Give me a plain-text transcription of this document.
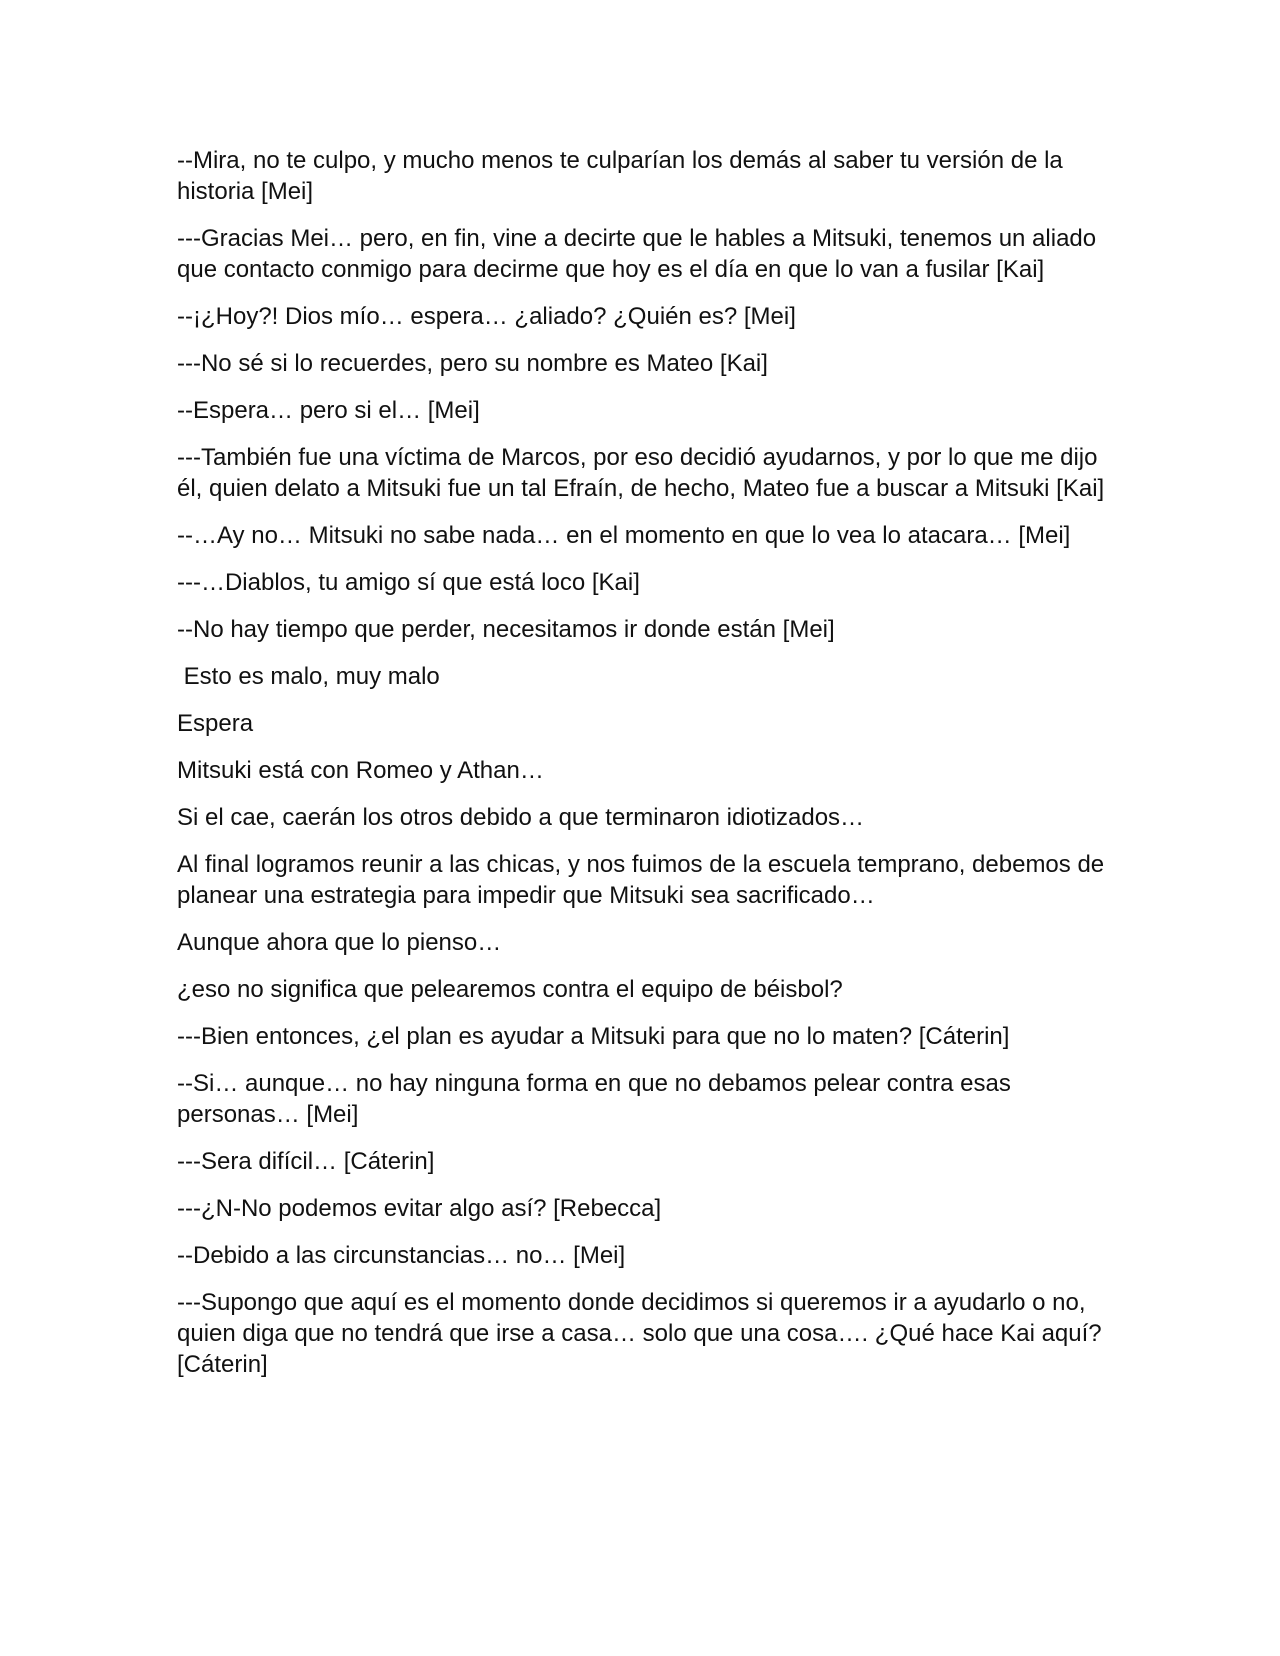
--Mira, no te culpo, y mucho menos te culparían los demás al saber tu versión de la historia [Mei]

---Gracias Mei… pero, en fin, vine a decirte que le hables a Mitsuki, tenemos un aliado que contacto conmigo para decirme que hoy es el día en que lo van a fusilar [Kai]

--¡¿Hoy?! Dios mío… espera… ¿aliado? ¿Quién es? [Mei]

---No sé si lo recuerdes, pero su nombre es Mateo [Kai]

--Espera… pero si el… [Mei]

---También fue una víctima de Marcos, por eso decidió ayudarnos, y por lo que me dijo él, quien delato a Mitsuki fue un tal Efraín, de hecho, Mateo fue a buscar a Mitsuki [Kai]

--…Ay no… Mitsuki no sabe nada… en el momento en que lo vea lo atacara… [Mei]

---…Diablos, tu amigo sí que está loco [Kai]

--No hay tiempo que perder, necesitamos ir donde están [Mei]

Esto es malo, muy malo

Espera

Mitsuki está con Romeo y Athan…

Si el cae, caerán los otros debido a que terminaron idiotizados…

Al final logramos reunir a las chicas, y nos fuimos de la escuela temprano, debemos de planear una estrategia para impedir que Mitsuki sea sacrificado…

Aunque ahora que lo pienso…

¿eso no significa que pelearemos contra el equipo de béisbol?

---Bien entonces, ¿el plan es ayudar a Mitsuki para que no lo maten? [Cáterin]

--Si… aunque… no hay ninguna forma en que no debamos pelear contra esas personas… [Mei]

---Sera difícil… [Cáterin]

---¿N-No podemos evitar algo así? [Rebecca]

--Debido a las circunstancias… no… [Mei]

---Supongo que aquí es el momento donde decidimos si queremos ir a ayudarlo o no, quien diga que no tendrá que irse a casa… solo que una cosa…. ¿Qué hace Kai aquí? [Cáterin]
